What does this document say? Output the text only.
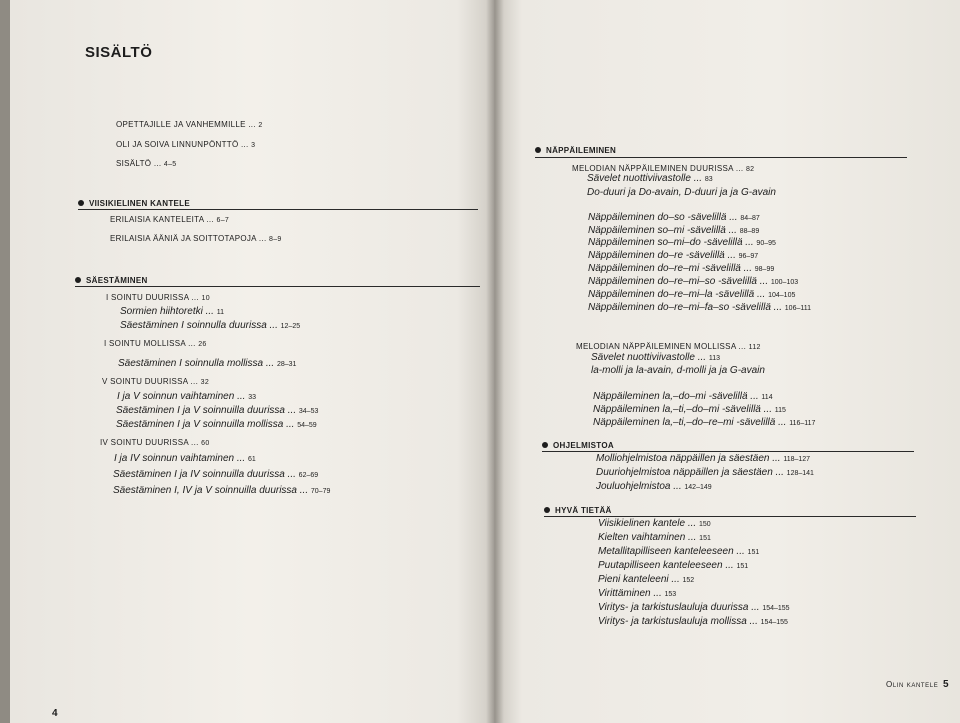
SISÄLTÖ
OPETTAJILLE JA VANHEMMILLE ... 2
OLI JA SOIVA LINNUNPÖNTTÖ ... 3
SISÄLTÖ ... 4–5
VIISIKIELINEN KANTELE
ERILAISIA KANTELEITA ... 6–7
ERILAISIA ÄÄNIÄ JA SOITTOTAPOJA ... 8–9
SÄESTÄMINEN
I SOINTU DUURISSA ... 10
Sormien hiihtoretki ... 11
Säestäminen I soinnulla duurissa ... 12–25
I SOINTU MOLLISSA ... 26
Säestäminen I soinnulla mollissa ... 28–31
V SOINTU DUURISSA ... 32
I ja V soinnun vaihtaminen ... 33
Säestäminen I ja V soinnuilla duurissa ... 34–53
Säestäminen I ja V soinnuilla mollissa ... 54–59
IV SOINTU DUURISSA ... 60
I ja IV soinnun vaihtaminen ... 61
Säestäminen I ja IV soinnuilla duurissa ... 62–69
Säestäminen I, IV ja V soinnuilla duurissa ... 70–79
4
NÄPPÄILEMINEN
MELODIAN NÄPPÄILEMINEN DUURISSA ... 82
Sävelet nuottiviivastolle ... 83
Do-duuri ja Do-avain, D-duuri ja ja G-avain
Näppäileminen do–so -sävelillä ... 84–87
Näppäileminen so–mi -sävelillä ... 88–89
Näppäileminen so–mi–do -sävelillä ... 90–95
Näppäileminen do–re -sävelillä ... 96–97
Näppäileminen do–re–mi -sävelillä ... 98–99
Näppäileminen do–re–mi–so -sävelillä ... 100–103
Näppäileminen do–re–mi–la -sävelillä ... 104–105
Näppäileminen do–re–mi–fa–so -sävelillä ... 106–111
MELODIAN NÄPPÄILEMINEN MOLLISSA ... 112
Sävelet nuottiviivastolle ... 113
la-molli ja la-avain, d-molli ja ja G-avain
Näppäileminen la,–do–mi -sävelillä ... 114
Näppäileminen la,–ti,–do–mi -sävelillä ... 115
Näppäileminen la,–ti,–do–re–mi -sävelillä ... 116–117
OHJELMISTOA
Molliohjelmistoa näppäillen ja säestäen ... 118–127
Duuriohjelmistoa näppäillen ja säestäen ... 128–141
Jouluohjelmistoa ... 142–149
HYVÄ TIETÄÄ
Viisikielinen kantele ... 150
Kielten vaihtaminen ... 151
Metallitapilliseen kanteleeseen ... 151
Puutapilliseen kanteleeseen ... 151
Pieni kanteleeni ... 152
Virittäminen ... 153
Viritys- ja tarkistuslauluja duurissa ... 154–155
Viritys- ja tarkistuslauluja mollissa ... 154–155
Olin kantele 5
